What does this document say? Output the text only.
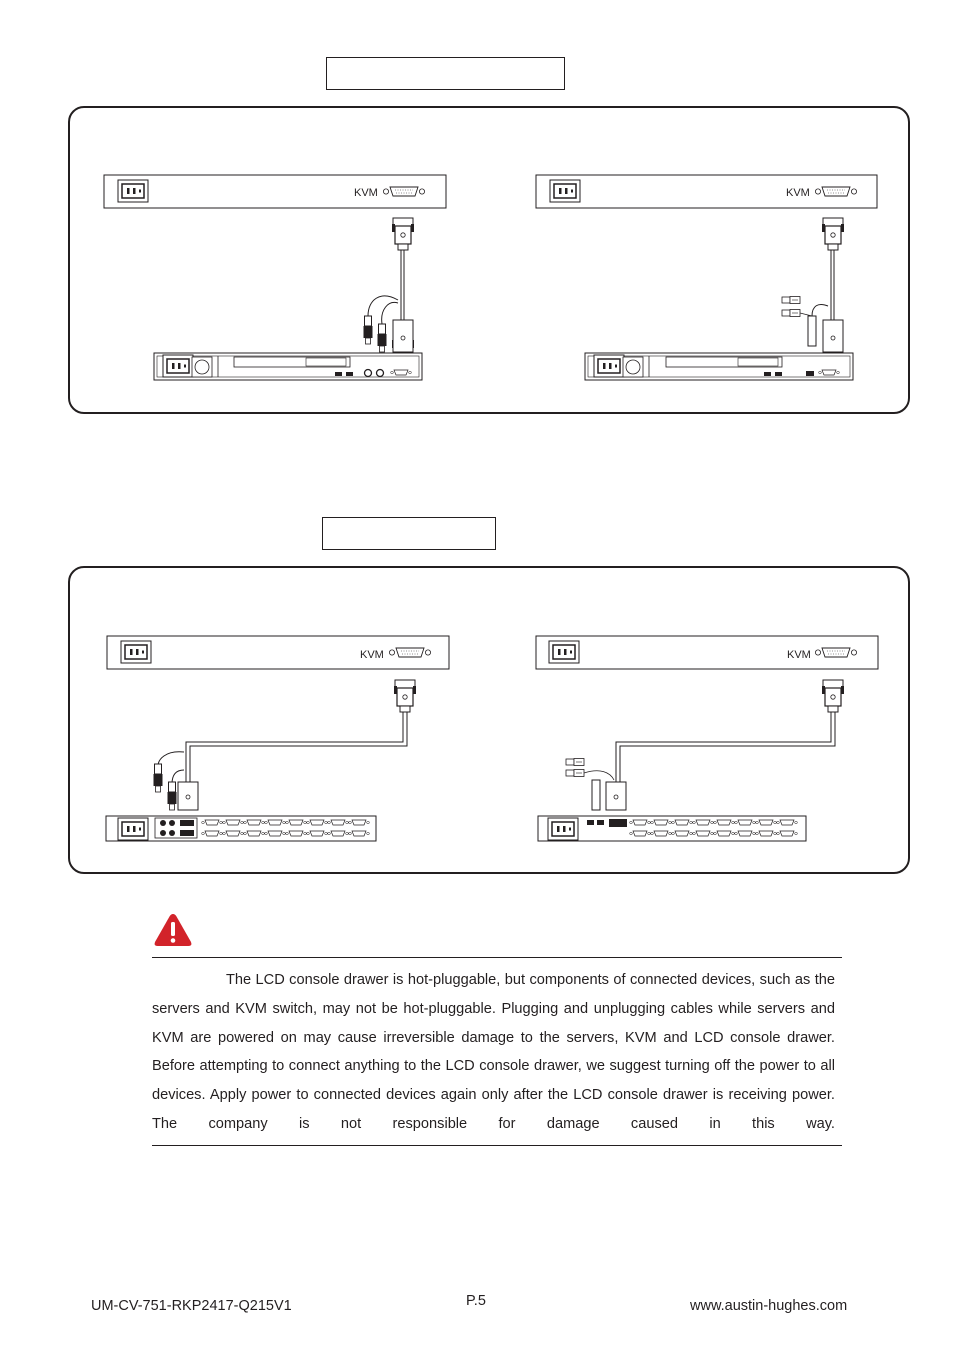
KVM	KVM
KVM	KVM
The LCD console drawer is hot-pluggable, but components of connected devices, such as the servers and KVM switch, may not be hot-pluggable. Plugging and unplugging cables while servers and KVM are powered on may cause irreversible damage to the servers, KVM and LCD console drawer. Before attempting to connect anything to the LCD console drawer, we suggest turning off the power to all devices. Apply power to connected devices again only after the LCD console drawer is receiving power. The company is not responsible for damage caused in this way.
UM-CV-751-RKP2417-Q215V1	P.5	www.austin-hughes.com
